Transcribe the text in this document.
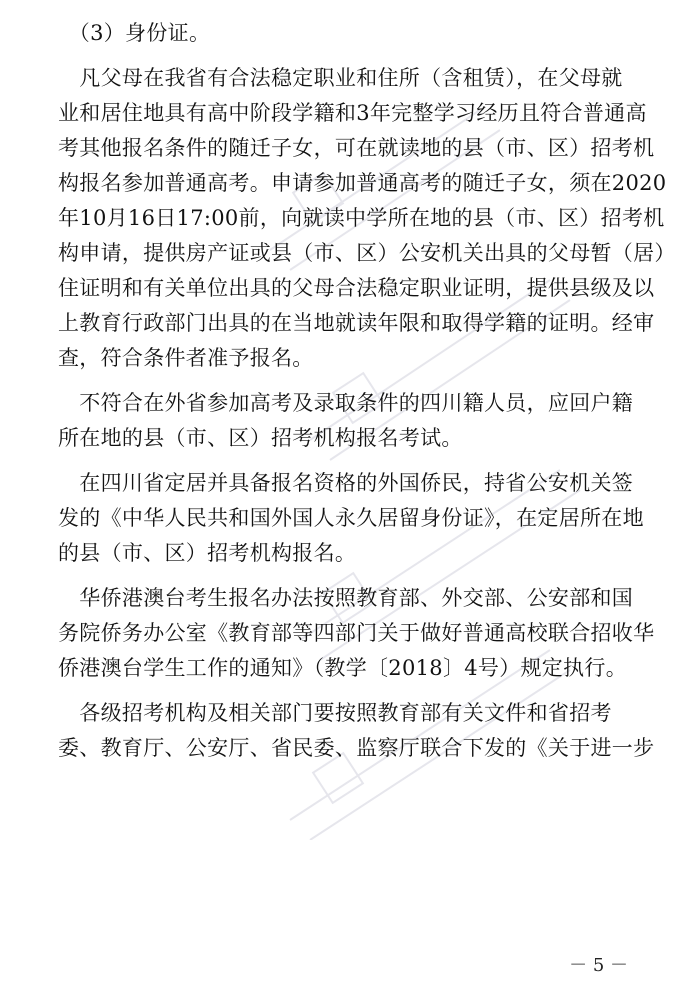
　（3）身份证。
　凡父母在我省有合法稳定职业和住所（含租赁），在父母就
业和居住地具有高中阶段学籍和3年完整学习经历且符合普通高
考其他报名条件的随迁子女，可在就读地的县（市、区）招考机
构报名参加普通高考。申请参加普通高考的随迁子女，须在2020
年10月16日17:00前，向就读中学所在地的县（市、区）招考机
构申请，提供房产证或县（市、区）公安机关出具的父母暂（居）
住证明和有关单位出具的父母合法稳定职业证明，提供县级及以
上教育行政部门出具的在当地就读年限和取得学籍的证明。经审
查，符合条件者准予报名。
　不符合在外省参加高考及录取条件的四川籍人员，应回户籍
所在地的县（市、区）招考机构报名考试。
　在四川省定居并具备报名资格的外国侨民，持省公安机关签
发的《中华人民共和国外国人永久居留身份证》，在定居所在地
的县（市、区）招考机构报名。
　华侨港澳台考生报名办法按照教育部、外交部、公安部和国
务院侨务办公室《教育部等四部门关于做好普通高校联合招收华
侨港澳台学生工作的通知》（教学〔2018〕4号）规定执行。
　各级招考机构及相关部门要按照教育部有关文件和省招考
委、教育厅、公安厅、省民委、监察厅联合下发的《关于进一步
－ 5 －
